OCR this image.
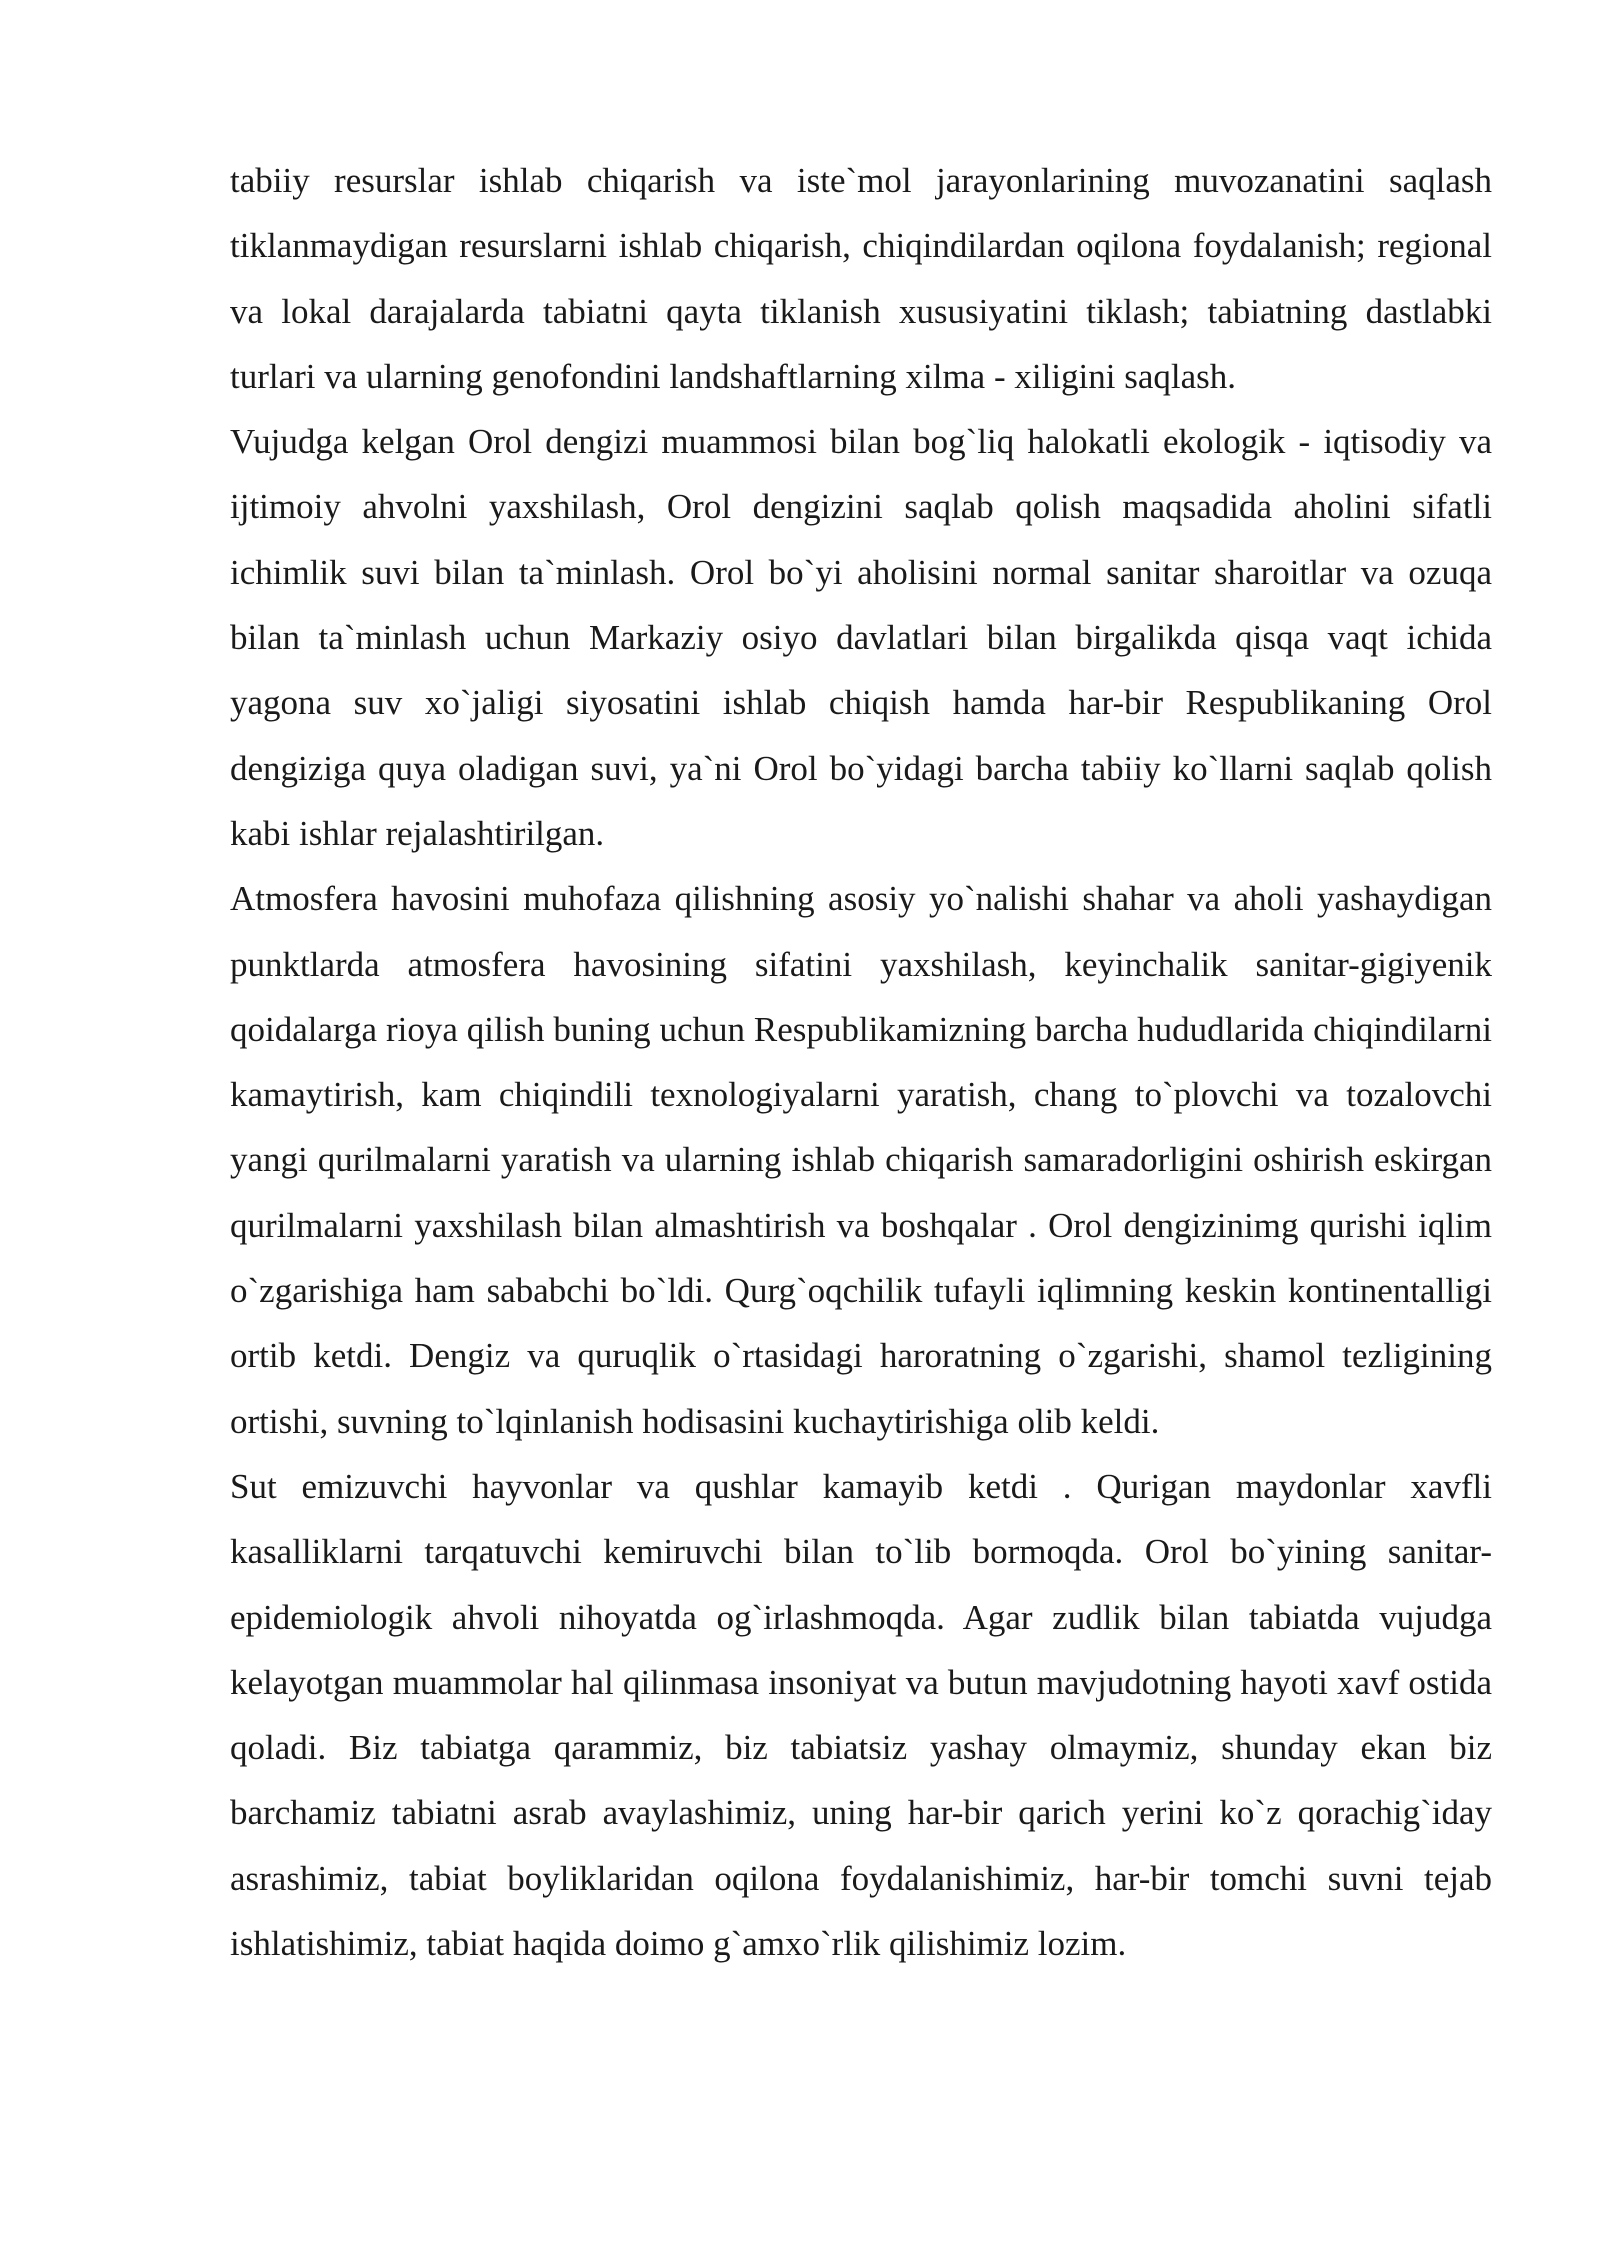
tabiiy resurslar ishlab chiqarish va iste`mol jarayonlarining muvozanatini saqlash tiklanmaydigan resurslarni ishlab chiqarish, chiqindilardan oqilona foydalanish; regional va lokal darajalarda tabiatni qayta tiklanish xususiyatini tiklash; tabiatning dastlabki turlari va ularning genofondini landshaftlarning xilma - xiligini saqlash.

Vujudga kelgan Orol dengizi muammosi bilan bog`liq halokatli ekologik - iqtisodiy va ijtimoiy ahvolni yaxshilash, Orol dengizini saqlab qolish maqsadida aholini sifatli ichimlik suvi bilan ta`minlash. Orol bo`yi aholisini normal sanitar sharoitlar va ozuqa bilan ta`minlash uchun Markaziy osiyo davlatlari bilan birgalikda qisqa vaqt ichida yagona suv xo`jaligi siyosatini ishlab chiqish hamda har-bir Respublikaning Orol dengiziga quya oladigan suvi, ya`ni Orol bo`yidagi barcha tabiiy ko`llarni saqlab qolish kabi ishlar rejalashtirilgan.

Atmosfera havosini muhofaza qilishning asosiy yo`nalishi shahar va aholi yashaydigan punktlarda atmosfera havosining sifatini yaxshilash, keyinchalik sanitar-gigiyenik qoidalarga rioya qilish buning uchun Respublikamizning barcha hududlarida chiqindilarni kamaytirish, kam chiqindili texnologiyalarni yaratish, chang to`plovchi va tozalovchi yangi qurilmalarni yaratish va ularning ishlab chiqarish samaradorligini oshirish eskirgan qurilmalarni yaxshilash bilan almashtirish va boshqalar . Orol dengizinimg qurishi iqlim o`zgarishiga ham sababchi bo`ldi. Qurg`oqchilik tufayli iqlimning keskin kontinentalligi ortib ketdi. Dengiz va quruqlik o`rtasidagi haroratning o`zgarishi, shamol tezligining ortishi, suvning to`lqinlanish hodisasini kuchaytirishiga olib keldi.

Sut emizuvchi hayvonlar va qushlar kamayib ketdi . Qurigan maydonlar xavfli kasalliklarni tarqatuvchi kemiruvchi bilan to`lib bormoqda. Orol bo`yining sanitar-epidemiologik ahvoli nihoyatda og`irlashmoqda. Agar zudlik bilan tabiatda vujudga kelayotgan muammolar hal qilinmasa insoniyat va butun mavjudotning hayoti xavf ostida qoladi. Biz tabiatga qarammiz, biz tabiatsiz yashay olmaymiz, shunday ekan biz barchamiz tabiatni asrab avaylashimiz, uning har-bir qarich yerini ko`z qorachig`iday asrashimiz, tabiat boyliklaridan oqilona foydalanishimiz, har-bir tomchi suvni tejab ishlatishimiz, tabiat haqida doimo g`amxo`rlik qilishimiz lozim.
